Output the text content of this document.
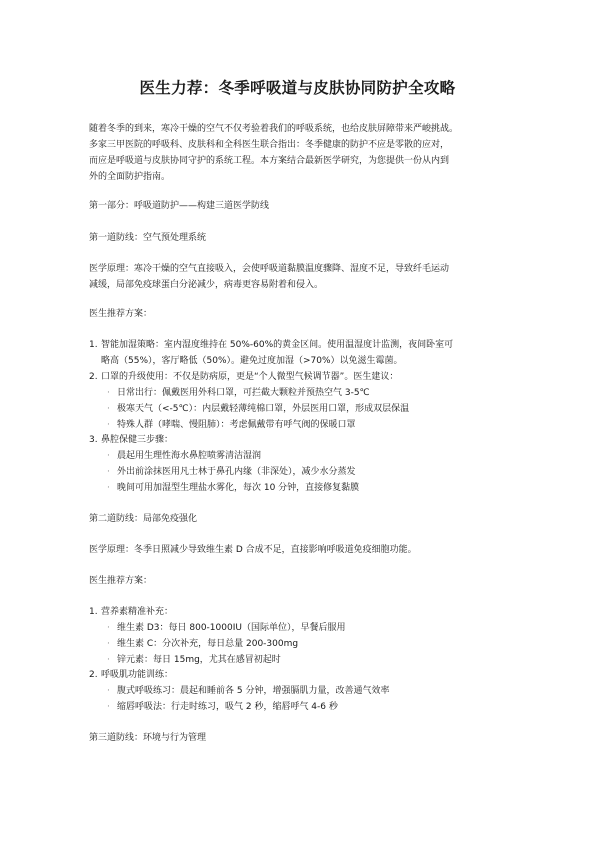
医生力荐：冬季呼吸道与皮肤协同防护全攻略
随着冬季的到来，寒冷干燥的空气不仅考验着我们的呼吸系统，也给皮肤屏障带来严峻挑战。
多家三甲医院的呼吸科、皮肤科和全科医生联合指出：冬季健康的防护不应是零散的应对，
而应是呼吸道与皮肤协同守护的系统工程。本方案结合最新医学研究，为您提供一份从内到
外的全面防护指南。
第一部分：呼吸道防护——构建三道医学防线
第一道防线：空气预处理系统
医学原理：寒冷干燥的空气直接吸入，会使呼吸道黏膜温度骤降、湿度不足，导致纤毛运动
减缓，局部免疫球蛋白分泌减少，病毒更容易附着和侵入。
医生推荐方案：
1. 智能加湿策略：室内湿度维持在 50%-60%的黄金区间。使用温湿度计监测，夜间卧室可
略高（55%），客厅略低（50%）。避免过度加湿（>70%）以免滋生霉菌。
2. 口罩的升级使用：不仅是防病原，更是“个人微型气候调节器”。医生建议：
· 日常出行：佩戴医用外科口罩，可拦截大颗粒并预热空气 3-5℃
· 极寒天气（<-5℃）：内层戴轻薄纯棉口罩，外层医用口罩，形成双层保温
· 特殊人群（哮喘、慢阻肺）：考虑佩戴带有呼气阀的保暖口罩
3. 鼻腔保健三步骤：
· 晨起用生理性海水鼻腔喷雾清洁湿润
· 外出前涂抹医用凡士林于鼻孔内缘（非深处），减少水分蒸发
· 晚间可用加湿型生理盐水雾化，每次 10 分钟，直接修复黏膜
第二道防线：局部免疫强化
医学原理：冬季日照减少导致维生素 D 合成不足，直接影响呼吸道免疫细胞功能。
医生推荐方案：
1. 营养素精准补充：
· 维生素 D3：每日 800-1000IU（国际单位），早餐后服用
· 维生素 C：分次补充，每日总量 200-300mg
· 锌元素：每日 15mg，尤其在感冒初起时
2. 呼吸肌功能训练：
· 腹式呼吸练习：晨起和睡前各 5 分钟，增强膈肌力量，改善通气效率
· 缩唇呼吸法：行走时练习，吸气 2 秒，缩唇呼气 4-6 秒
第三道防线：环境与行为管理
